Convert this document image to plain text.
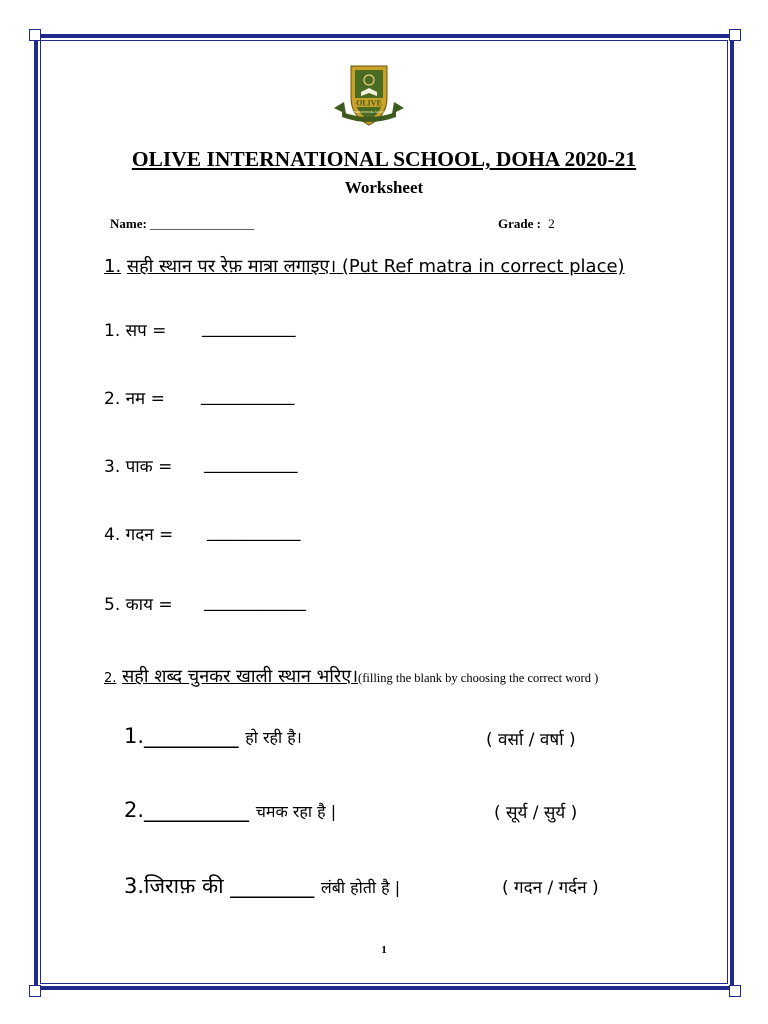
OLIVE
INTERNATIONAL SCHOOL
OLIVE INTERNATIONAL SCHOOL, DOHA 2020-21
Worksheet
Name: ________________	Grade : 2
1. सही स्थान पर रेफ़ मात्रा लगाइए। (Put Ref matra in correct place)
1. सप = ___________
2. नम = ___________
3. पाक = ___________
4. गदन = ___________
5. काय = ____________
2. सही शब्द चुनकर खाली स्थान भरिए।(filling the blank by choosing the correct word )
1._________ हो रही है।	( वर्सा / वर्षा )
2.__________ चमक रहा है |	( सूर्य / सुर्य )
3.जिराफ़ की ________ लंबी होती है |	( गदन / गर्दन )
1
